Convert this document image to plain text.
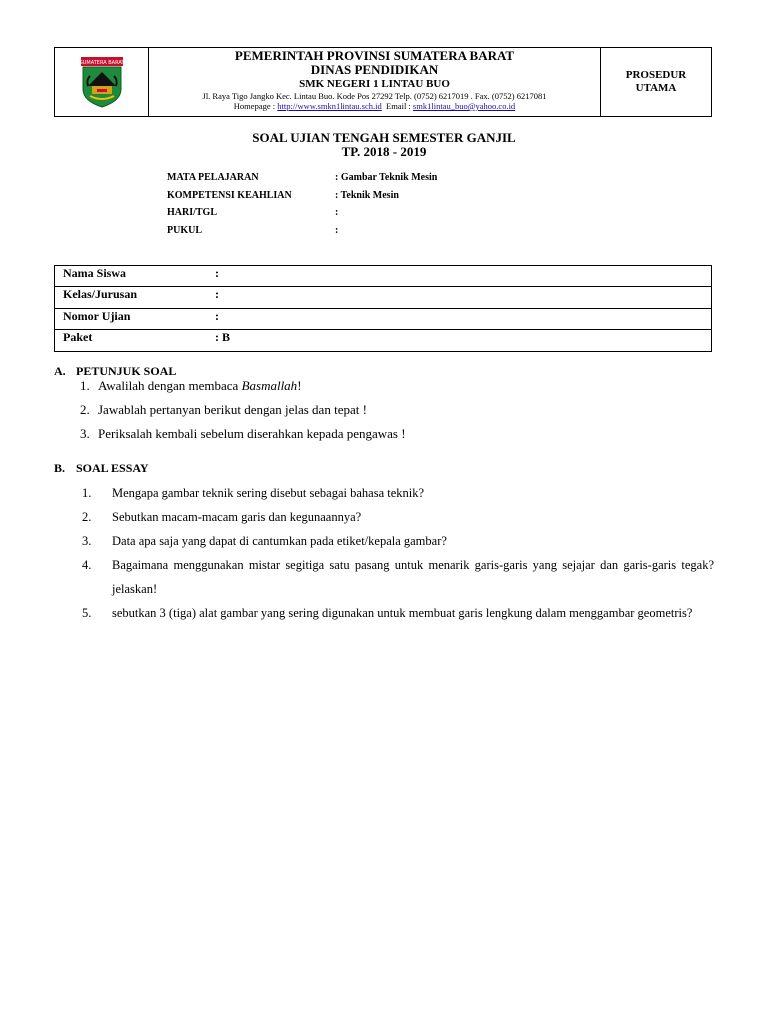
SUMATERA BARAT	PEMERINTAH PROVINSI SUMATERA BARAT
DINAS PENDIDIKAN
SMK NEGERI 1 LINTAU BUO
Jl. Raya Tigo Jangko Kec. Lintau Buo. Kode Pos 27292 Telp. (0752) 6217019 . Fax. (0752) 6217081
Homepage : http://www.smkn1lintau.sch.id  Email : smk1lintau_buo@yahoo.co.id
PROSEDUR
UTAMA
SOAL UJIAN TENGAH SEMESTER GANJIL
TP. 2018 - 2019
MATA PELAJARAN	: Gambar Teknik Mesin
KOMPETENSI KEAHLIAN	: Teknik Mesin
HARI/TGL	:
PUKUL	:
Nama Siswa	:
Kelas/Jurusan	:
Nomor Ujian	:
Paket	: B
A. PETUNJUK SOAL
1. Awalilah dengan membaca Basmallah!
2. Jawablah pertanyan berikut dengan jelas dan tepat !
3. Periksalah kembali sebelum diserahkan kepada pengawas !
B. SOAL ESSAY
1.	Mengapa gambar teknik sering disebut sebagai bahasa teknik?
2.	Sebutkan macam-macam garis dan kegunaannya?
3.	Data apa saja yang dapat di cantumkan pada etiket/kepala gambar?
4.	Bagaimana menggunakan mistar segitiga satu pasang untuk menarik garis-garis yang sejajar dan garis-garis tegak?jelaskan!
5.	sebutkan 3 (tiga) alat gambar yang sering digunakan untuk membuat garis lengkung dalam menggambar geometris?
